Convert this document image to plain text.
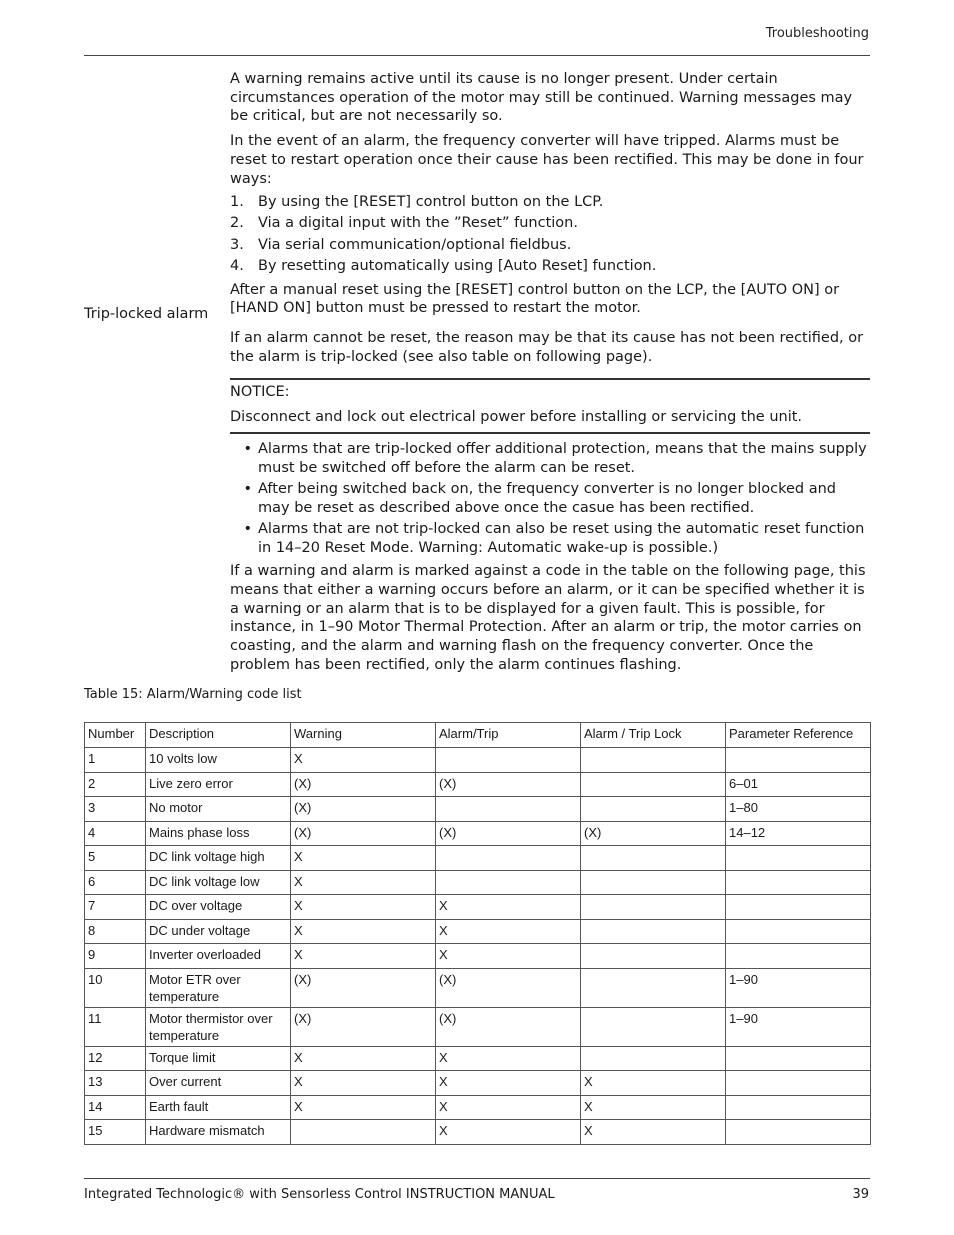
Troubleshooting

A warning remains active until its cause is no longer present. Under certain circumstances operation of the motor may still be continued. Warning messages may be critical, but are not necessarily so.

In the event of an alarm, the frequency converter will have tripped. Alarms must be reset to restart operation once their cause has been rectified. This may be done in four ways:

1. By using the [RESET] control button on the LCP.
2. Via a digital input with the ”Reset” function.
3. Via serial communication/optional fieldbus.
4. By resetting automatically using [Auto Reset] function.

After a manual reset using the [RESET] control button on the LCP, the [AUTO ON] or [HAND ON] button must be pressed to restart the motor.

Trip-locked alarm

If an alarm cannot be reset, the reason may be that its cause has not been rectified, or the alarm is trip-locked (see also table on following page).

NOTICE:
Disconnect and lock out electrical power before installing or servicing the unit.
• Alarms that are trip-locked offer additional protection, means that the mains supply must be switched off before the alarm can be reset.
• After being switched back on, the frequency converter is no longer blocked and may be reset as described above once the casue has been rectified.
• Alarms that are not trip-locked can also be reset using the automatic reset function in 14–20 Reset Mode. Warning: Automatic wake-up is possible.)

If a warning and alarm is marked against a code in the table on the following page, this means that either a warning occurs before an alarm, or it can be specified whether it is a warning or an alarm that is to be displayed for a given fault. This is possible, for instance, in 1–90 Motor Thermal Protection. After an alarm or trip, the motor carries on coasting, and the alarm and warning flash on the frequency converter. Once the problem has been rectified, only the alarm continues flashing.

Table 15: Alarm/Warning code list
Number	Description	Warning	Alarm/Trip	Alarm / Trip Lock	Parameter Reference
1	10 volts low	X			
2	Live zero error	(X)	(X)		6–01
3	No motor	(X)			1–80
4	Mains phase loss	(X)	(X)	(X)	14–12
5	DC link voltage high	X			
6	DC link voltage low	X			
7	DC over voltage	X	X		
8	DC under voltage	X	X		
9	Inverter overloaded	X	X		
10	Motor ETR over temperature	(X)	(X)		1–90
11	Motor thermistor over temperature	(X)	(X)		1–90
12	Torque limit	X	X		
13	Over current	X	X	X	
14	Earth fault	X	X	X	
15	Hardware mismatch		X	X	
Integrated Technologic® with Sensorless Control INSTRUCTION MANUAL	39
